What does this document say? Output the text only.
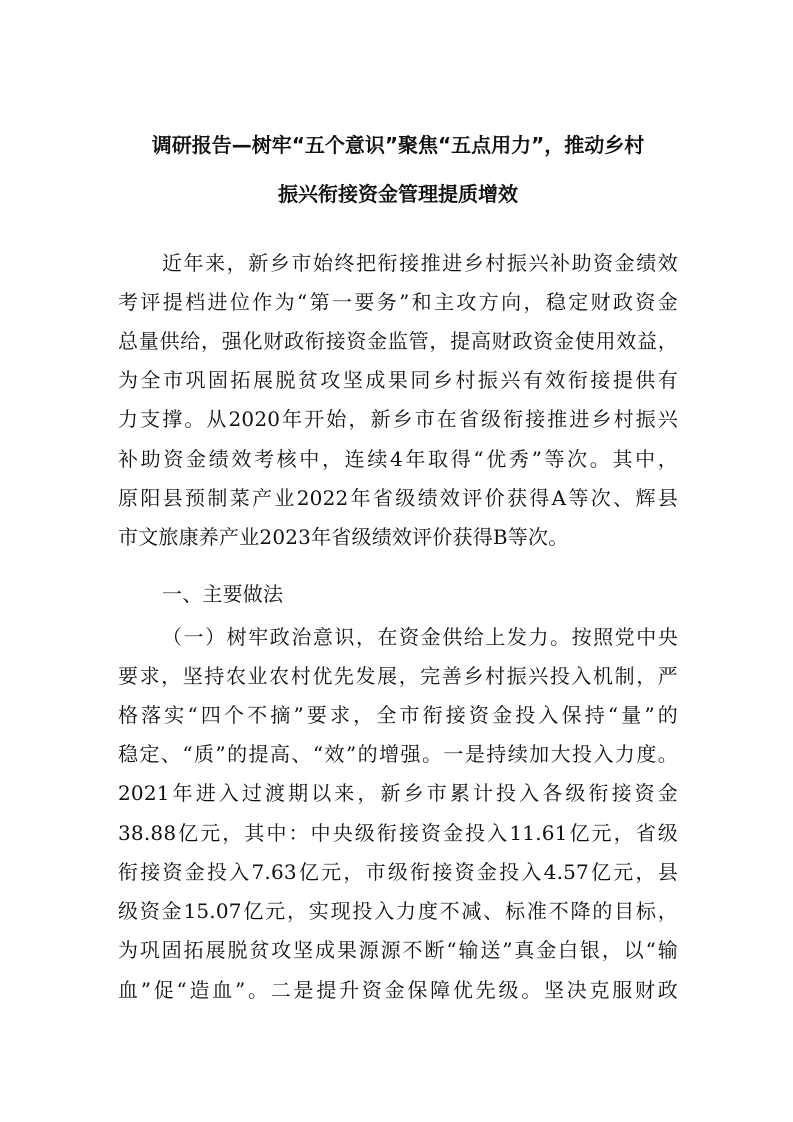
调研报告—树牢“五个意识”聚焦“五点用力”，推动乡村
振兴衔接资金管理提质增效
近年来，新乡市始终把衔接推进乡村振兴补助资金绩效
考评提档进位作为“第一要务”和主攻方向，稳定财政资金
总量供给，强化财政衔接资金监管，提高财政资金使用效益，
为全市巩固拓展脱贫攻坚成果同乡村振兴有效衔接提供有
力支撑。从2020年开始，新乡市在省级衔接推进乡村振兴
补助资金绩效考核中，连续4年取得“优秀”等次。其中，
原阳县预制菜产业2022年省级绩效评价获得A等次、辉县
市文旅康养产业2023年省级绩效评价获得B等次。
一、主要做法
（一）树牢政治意识，在资金供给上发力。按照党中央
要求，坚持农业农村优先发展，完善乡村振兴投入机制，严
格落实“四个不摘”要求，全市衔接资金投入保持“量”的
稳定、“质”的提高、“效”的增强。一是持续加大投入力度。
2021年进入过渡期以来，新乡市累计投入各级衔接资金
38.88亿元，其中：中央级衔接资金投入11.61亿元，省级
衔接资金投入7.63亿元，市级衔接资金投入4.57亿元，县
级资金15.07亿元，实现投入力度不减、标准不降的目标，
为巩固拓展脱贫攻坚成果源源不断“输送”真金白银，以“输
血”促“造血”。二是提升资金保障优先级。坚决克服财政
